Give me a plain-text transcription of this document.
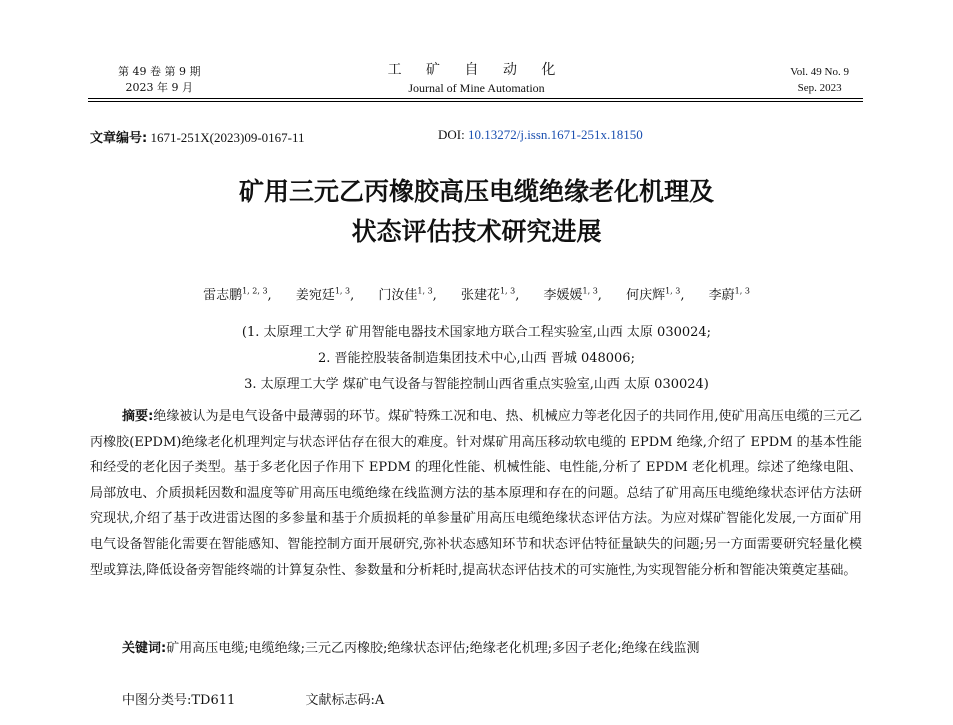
第 49 卷 第 9 期
2023 年 9 月
工 矿 自 动 化
Journal of Mine Automation
Vol. 49 No. 9
Sep. 2023
文章编号: 1671-251X(2023)09-0167-11	DOI: 10.13272/j.issn.1671-251x.18150
矿用三元乙丙橡胶高压电缆绝缘老化机理及
状态评估技术研究进展
雷志鹏$^{1, 2, 3}$, 姜宛廷$^{1, 3}$, 门汝佳$^{1, 3}$, 张建花$^{1, 3}$, 李媛媛$^{1, 3}$, 何庆辉$^{1, 3}$, 李蔚$^{1, 3}$
(1. 太原理工大学 矿用智能电器技术国家地方联合工程实验室,山西 太原 030024;
2. 晋能控股装备制造集团技术中心,山西 晋城 048006;
3. 太原理工大学 煤矿电气设备与智能控制山西省重点实验室,山西 太原 030024)
摘要:绝缘被认为是电气设备中最薄弱的环节。煤矿特殊工况和电、热、机械应力等老化因子的共同作用,使矿用高压电缆的三元乙丙橡胶(EPDM)绝缘老化机理判定与状态评估存在很大的难度。针对煤矿用高压移动软电缆的 EPDM 绝缘,介绍了 EPDM 的基本性能和经受的老化因子类型。基于多老化因子作用下 EPDM 的理化性能、机械性能、电性能,分析了 EPDM 老化机理。综述了绝缘电阻、局部放电、介质损耗因数和温度等矿用高压电缆绝缘在线监测方法的基本原理和存在的问题。总结了矿用高压电缆绝缘状态评估方法研究现状,介绍了基于改进雷达图的多参量和基于介质损耗的单参量矿用高压电缆绝缘状态评估方法。为应对煤矿智能化发展,一方面矿用电气设备智能化需要在智能感知、智能控制方面开展研究,弥补状态感知环节和状态评估特征量缺失的问题;另一方面需要研究轻量化模型或算法,降低设备旁智能终端的计算复杂性、参数量和分析耗时,提高状态评估技术的可实施性,为实现智能分析和智能决策奠定基础。
关键词:矿用高压电缆;电缆绝缘;三元乙丙橡胶;绝缘状态评估;绝缘老化机理;多因子老化;绝缘在线监测
中图分类号:TD611	文献标志码:A
